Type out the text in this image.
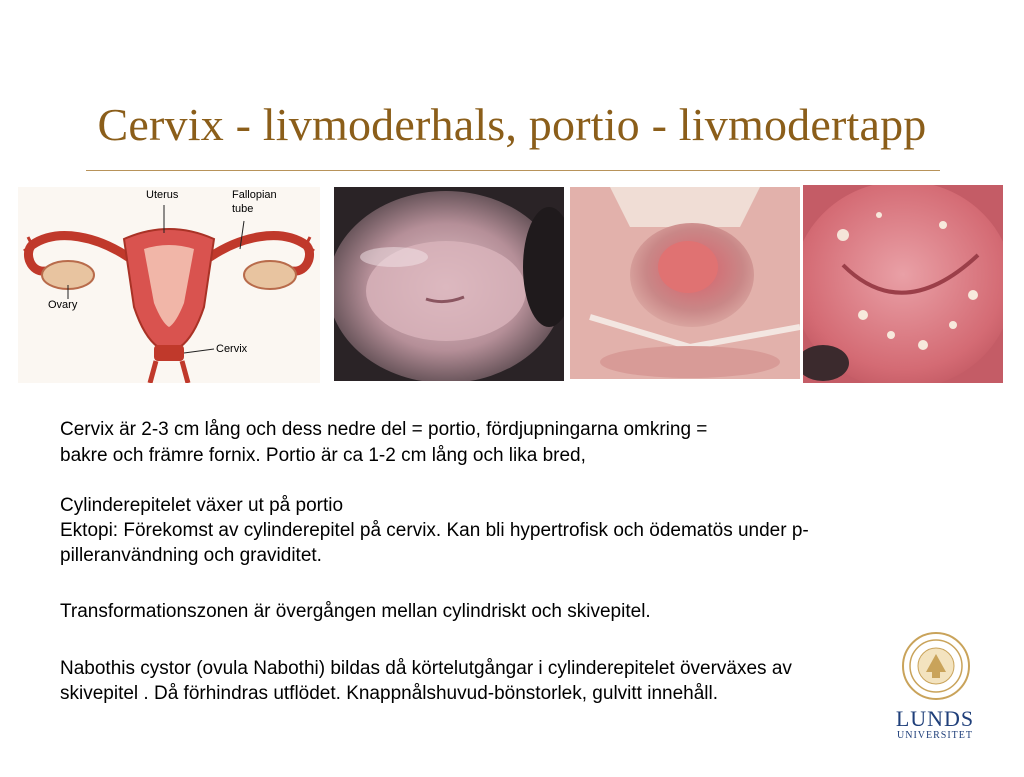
Cervix - livmoderhals, portio - livmodertapp
Uterus	Fallopian
tube
Ovary
Cervix
Cervix är 2-3 cm lång och dess nedre del = portio, fördjupningarna omkring =
bakre och främre fornix. Portio är ca 1-2 cm lång och lika bred,
Cylinderepitelet växer ut på portio
Ektopi: Förekomst av cylinderepitel på cervix. Kan bli hypertrofisk och ödematös under p-
pilleranvändning och graviditet.
Transformationszonen är övergången mellan cylindriskt och skivepitel.
Nabothis cystor (ovula Nabothi) bildas då körtelutgångar i cylinderepitelet överväxes av
skivepitel . Då förhindras utflödet. Knappnålshuvud-bönstorlek, gulvitt innehåll.
LUNDS
UNIVERSITET
